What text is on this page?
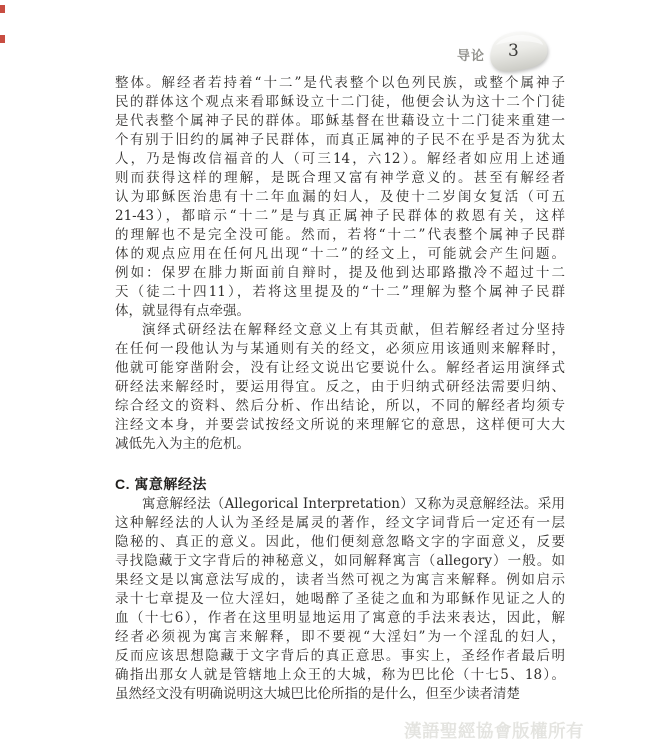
导论 3
整体。解经者若持着“十二”是代表整个以色列民族，或整个属神子
民的群体这个观点来看耶稣设立十二门徒，他便会认为这十二个门徒
是代表整个属神子民的群体。耶稣基督在世藉设立十二门徒来重建一
个有别于旧约的属神子民群体，而真正属神的子民不在乎是否为犹太
人，乃是悔改信福音的人（可三14，六12）。解经者如应用上述通
则而获得这样的理解，是既合理又富有神学意义的。甚至有解经者
认为耶稣医治患有十二年血漏的妇人，及使十二岁闺女复活（可五
21-43），都暗示“十二”是与真正属神子民群体的救恩有关，这样
的理解也不是完全没可能。然而，若将“十二”代表整个属神子民群
体的观点应用在任何凡出现“十二”的经文上，可能就会产生问题。
例如：保罗在腓力斯面前自辩时，提及他到达耶路撒冷不超过十二
天（徒二十四11），若将这里提及的“十二”理解为整个属神子民群
体，就显得有点牵强。
演绎式研经法在解释经文意义上有其贡献，但若解经者过分坚持
在任何一段他认为与某通则有关的经文，必须应用该通则来解释时，
他就可能穿凿附会，没有让经文说出它要说什么。解经者运用演绎式
研经法来解经时，要运用得宜。反之，由于归纳式研经法需要归纳、
综合经文的资料、然后分析、作出结论，所以，不同的解经者均须专
注经文本身，并要尝试按经文所说的来理解它的意思，这样便可大大
减低先入为主的危机。
C. 寓意解经法
寓意解经法（Allegorical Interpretation）又称为灵意解经法。采用
这种解经法的人认为圣经是属灵的著作，经文字词背后一定还有一层
隐秘的、真正的意义。因此，他们便刻意忽略文字的字面意义，反要
寻找隐藏于文字背后的神秘意义，如同解释寓言（allegory）一般。如
果经文是以寓意法写成的，读者当然可视之为寓言来解释。例如启示
录十七章提及一位大淫妇，她喝醉了圣徒之血和为耶稣作见证之人的
血（十七6），作者在这里明显地运用了寓意的手法来表达，因此，解
经者必须视为寓言来解释，即不要视“大淫妇”为一个淫乱的妇人，
反而应该思想隐藏于文字背后的真正意思。事实上，圣经作者最后明
确指出那女人就是管辖地上众王的大城，称为巴比伦（十七5、18）。
虽然经文没有明确说明这大城巴比伦所指的是什么，但至少读者清楚
漢語聖經協會版權所有
